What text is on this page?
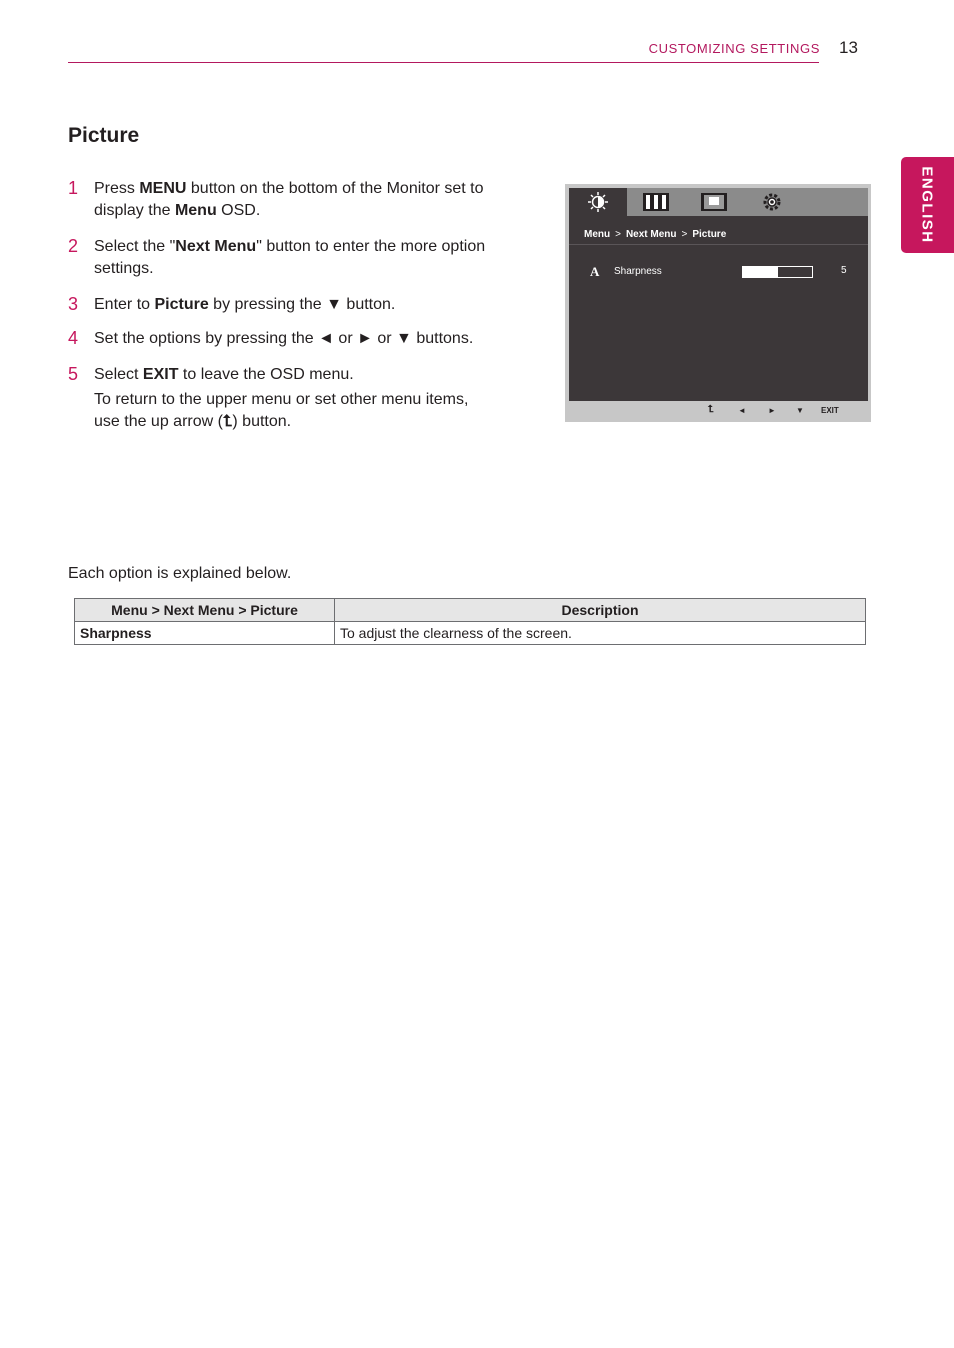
CUSTOMIZING SETTINGS 13
ENGLISH
Picture
1 Press MENU button on the bottom of the Monitor set to display the Menu OSD.
2 Select the "Next Menu" button to enter the more option settings.
3 Enter to Picture by pressing the ▼ button.
4 Set the options by pressing the ◄ or ► or ▼ buttons.
5 Select EXIT to leave the OSD menu.
To return to the upper menu or set other menu items, use the up arrow (⮤) button.
Menu > Next Menu > Picture
A Sharpness	5
⮤	◄	►	▼ EXIT
Each option is explained below.
Menu > Next Menu > Picture	Description
Sharpness	To adjust the clearness of the screen.
